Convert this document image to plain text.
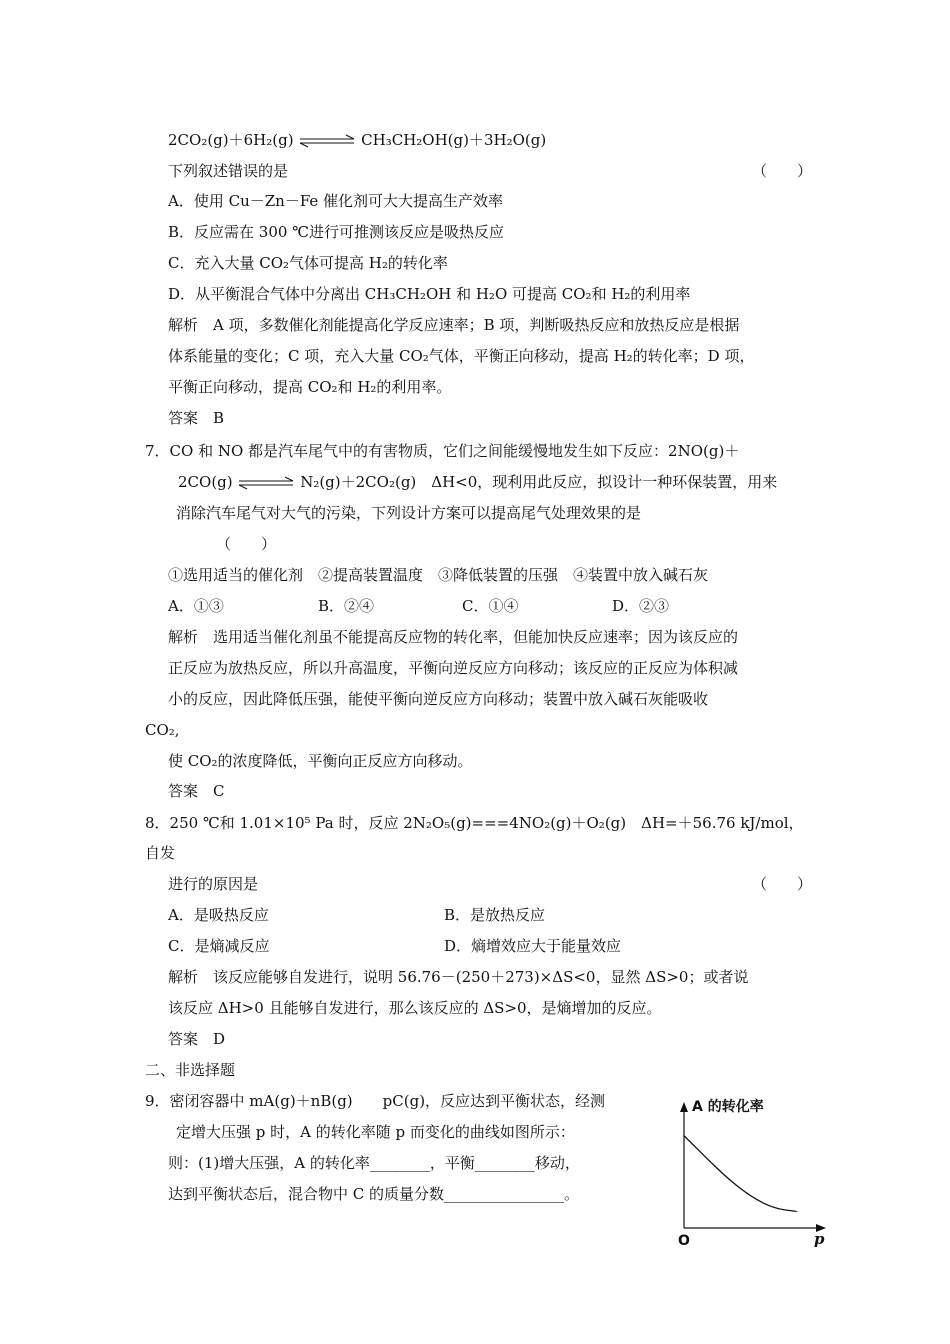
2CO₂(g)＋6H₂(g) ⇌ CH₃CH₂OH(g)＋3H₂O(g)
下列叙述错误的是	（　　）
A．使用 Cu－Zn－Fe 催化剂可大大提高生产效率
B．反应需在 300 ℃进行可推测该反应是吸热反应
C．充入大量 CO₂气体可提高 H₂的转化率
D．从平衡混合气体中分离出 CH₃CH₂OH 和 H₂O 可提高 CO₂和 H₂的利用率
解析　A 项，多数催化剂能提高化学反应速率；B 项，判断吸热反应和放热反应是根据
体系能量的变化；C 项，充入大量 CO₂气体，平衡正向移动，提高 H₂的转化率；D 项，
平衡正向移动，提高 CO₂和 H₂的利用率。
答案　B
7．CO 和 NO 都是汽车尾气中的有害物质，它们之间能缓慢地发生如下反应：2NO(g)＋
2CO(g) ⇌ N₂(g)＋2CO₂(g)　ΔH<0，现利用此反应，拟设计一种环保装置，用来
消除汽车尾气对大气的污染，下列设计方案可以提高尾气处理效果的是
（　　）
①选用适当的催化剂　②提高装置温度　③降低装置的压强　④装置中放入碱石灰
A．①③	B．②④	C．①④	D．②③
解析　选用适当催化剂虽不能提高反应物的转化率，但能加快反应速率；因为该反应的
正反应为放热反应，所以升高温度，平衡向逆反应方向移动；该反应的正反应为体积减
小的反应，因此降低压强，能使平衡向逆反应方向移动；装置中放入碱石灰能吸收
CO₂,
使 CO₂的浓度降低，平衡向正反应方向移动。
答案　C
8．250 ℃和 1.01×10⁵ Pa 时，反应 2N₂O₅(g)===4NO₂(g)＋O₂(g)　ΔH=＋56.76 kJ/mol，
自发
进行的原因是	（　　）
A．是吸热反应	B．是放热反应
C．是熵减反应	D．熵增效应大于能量效应
解析　该反应能够自发进行，说明 56.76－(250＋273)×ΔS<0，显然 ΔS>0；或者说
该反应 ΔH>0 且能够自发进行，那么该反应的 ΔS>0，是熵增加的反应。
答案　D
二、非选择题
9．密闭容器中 mA(g)＋nB(g)　　pC(g)，反应达到平衡状态，经测
定增大压强 p 时，A 的转化率随 p 而变化的曲线如图所示：
则：(1)增大压强，A 的转化率________，平衡________移动，
达到平衡状态后，混合物中 C 的质量分数________________。
A 的转化率
p
O
